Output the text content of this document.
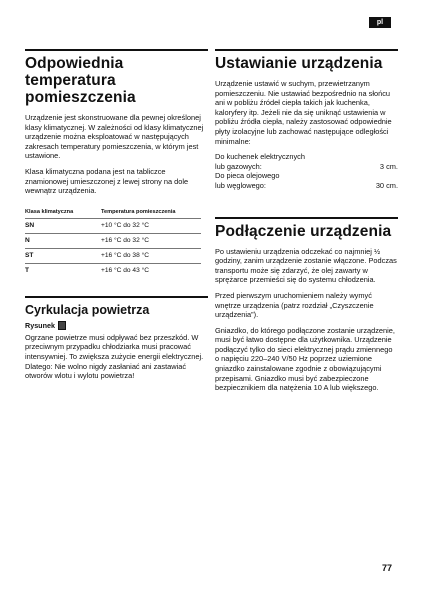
pl
Odpowiednia temperatura pomieszczenia

Urządzenie jest skonstruowane dla pewnej określonej klasy klimatycznej. W zależności od klasy klimatycznej urządzenie można eksploatować w następujących zakresach temperatury pomieszczenia, w którym jest ustawione.

Klasa klimatyczna podana jest na tabliczce znamionowej umieszczonej z lewej strony na dole wewnątrz urządzenia.

Klasa klimatyczna	Temperatura pomieszczenia
SN	+10 °C do 32 °C
N	+16 °C do 32 °C
ST	+16 °C do 38 °C
T	+16 °C do 43 °C
Cyrkulacja powietrza
Rysunek

Ogrzane powietrze musi odpływać bez przeszkód. W przeciwnym przypadku chłodziarka musi pracować intensywniej. To zwiększa zużycie energii elektrycznej. Dlatego: Nie wolno nigdy zasłaniać ani zastawiać otworów wlotu i wylotu powietrza!

Ustawianie urządzenia

Urządzenie ustawić w suchym, przewietrzanym pomieszczeniu. Nie ustawiać bezpośrednio na słońcu ani w pobliżu źródeł ciepła takich jak kuchenka, kaloryfery itp. Jeżeli nie da się uniknąć ustawienia w pobliżu źródła ciepła, należy zastosować odpowiednie płyty izolacyjne lub zachować następujące odległości minimalne:

Do kuchenek elektrycznych
lub gazowych:	3 cm.
Do pieca olejowego
lub węglowego:	30 cm.
Podłączenie urządzenia

Po ustawieniu urządzenia odczekać co najmniej ½ godziny, zanim urządzenie zostanie włączone. Podczas transportu może się zdarzyć, że olej zawarty w sprężarce przemieści się do systemu chłodzenia.

Przed pierwszym uruchomieniem należy wymyć wnętrze urządzenia (patrz rozdział „Czyszczenie urządzenia”).

Gniazdko, do którego podłączone zostanie urządzenie, musi być łatwo dostępne dla użytkownika. Urządzenie podłączyć tylko do sieci elektrycznej prądu zmiennego o napięciu 220–240 V/50 Hz poprzez uziemione gniazdko zainstalowane zgodnie z obowiązującymi przepisami. Gniazdko musi być zabezpieczone bezpiecznikiem dla natężenia 10 A lub większego.

77
